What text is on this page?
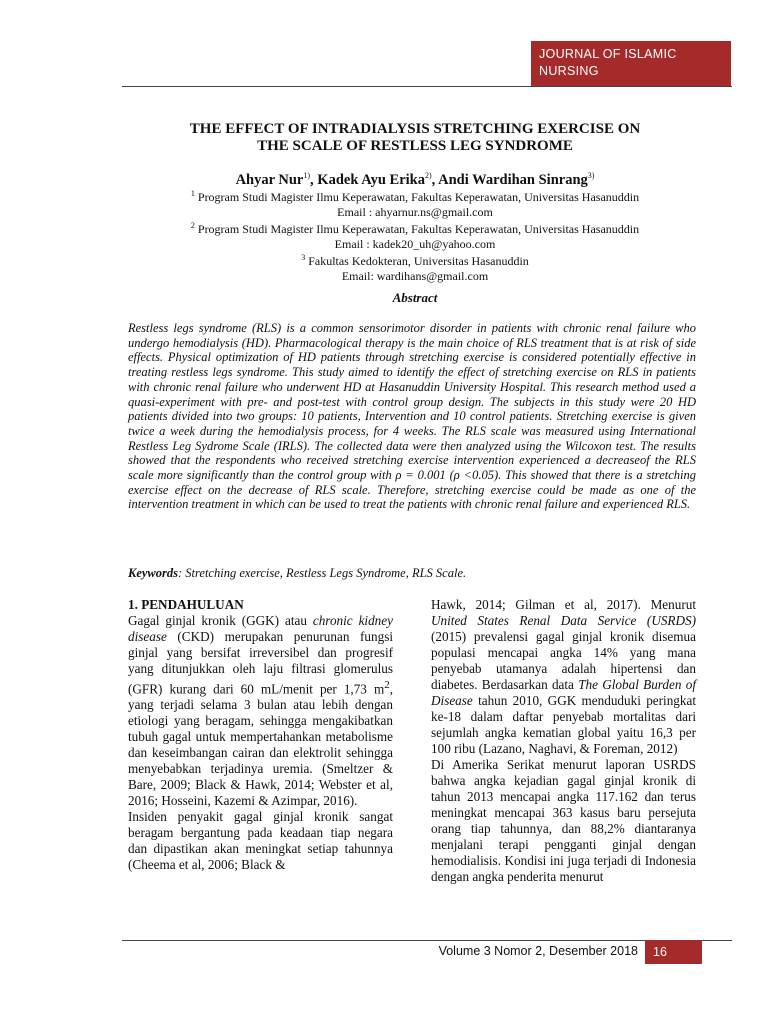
JOURNAL OF ISLAMIC
NURSING
THE EFFECT OF INTRADIALYSIS STRETCHING EXERCISE ON
THE SCALE OF RESTLESS LEG SYNDROME
Ahyar Nur$^{1)}$, Kadek Ayu Erika$^{2)}$, Andi Wardihan Sinrang$^{3)}$
$^1$ Program Studi Magister Ilmu Keperawatan, Fakultas Keperawatan, Universitas Hasanuddin
Email : ahyarnur.ns@gmail.com
$^2$ Program Studi Magister Ilmu Keperawatan, Fakultas Keperawatan, Universitas Hasanuddin
Email : kadek20_uh@yahoo.com
$^3$ Fakultas Kedokteran, Universitas Hasanuddin
Email: wardihans@gmail.com
Abstract
Restless legs syndrome (RLS) is a common sensorimotor disorder in patients with chronic renal failure who undergo hemodialysis (HD). Pharmacological therapy is the main choice of RLS treatment that is at risk of side effects. Physical optimization of HD patients through stretching exercise is considered potentially effective in treating restless legs syndrome. This study aimed to identify the effect of stretching exercise on RLS in patients with chronic renal failure who underwent HD at Hasanuddin University Hospital. This research method used a quasi-experiment with pre- and post-test with control group design. The subjects in this study were 20 HD patients divided into two groups: 10 patients, Intervention and 10 control patients. Stretching exercise is given twice a week during the hemodialysis process, for 4 weeks. The RLS scale was measured using International Restless Leg Sydrome Scale (IRLS). The collected data were then analyzed using the Wilcoxon test. The results showed that the respondents who received stretching exercise intervention experienced a decreaseof the RLS scale more significantly than the control group with ρ = 0.001 (ρ <0.05). This showed that there is a stretching exercise effect on the decrease of RLS scale. Therefore, stretching exercise could be made as one of the intervention treatment in which can be used to treat the patients with chronic renal failure and experienced RLS.
Keywords: Stretching exercise, Restless Legs Syndrome, RLS Scale.
1. PENDAHULUAN
Gagal ginjal kronik (GGK) atau chronic kidney disease (CKD) merupakan penurunan fungsi ginjal yang bersifat irreversibel dan progresif yang ditunjukkan oleh laju filtrasi glomerulus (GFR) kurang dari 60 mL/menit per 1,73 $m^2$, yang terjadi selama 3 bulan atau lebih dengan etiologi yang beragam, sehingga mengakibatkan tubuh gagal untuk mempertahankan metabolisme dan keseimbangan cairan dan elektrolit sehingga menyebabkan terjadinya uremia. (Smeltzer & Bare, 2009; Black & Hawk, 2014; Webster et al, 2016; Hosseini, Kazemi & Azimpar, 2016).
Insiden penyakit gagal ginjal kronik sangat beragam bergantung pada keadaan tiap negara dan dipastikan akan meningkat setiap tahunnya (Cheema et al, 2006; Black &
Hawk, 2014; Gilman et al, 2017). Menurut United States Renal Data Service (USRDS) (2015) prevalensi gagal ginjal kronik disemua populasi mencapai angka 14% yang mana penyebab utamanya adalah hipertensi dan diabetes. Berdasarkan data The Global Burden of Disease tahun 2010, GGK menduduki peringkat ke-18 dalam daftar penyebab mortalitas dari sejumlah angka kematian global yaitu 16,3 per 100 ribu (Lazano, Naghavi, & Foreman, 2012)
Di Amerika Serikat menurut laporan USRDS bahwa angka kejadian gagal ginjal kronik di tahun 2013 mencapai angka 117.162 dan terus meningkat mencapai 363 kasus baru persejuta orang tiap tahunnya, dan 88,2% diantaranya menjalani terapi pengganti ginjal dengan hemodialisis. Kondisi ini juga terjadi di Indonesia dengan angka penderita menurut
Volume 3 Nomor 2, Desember 2018	16
